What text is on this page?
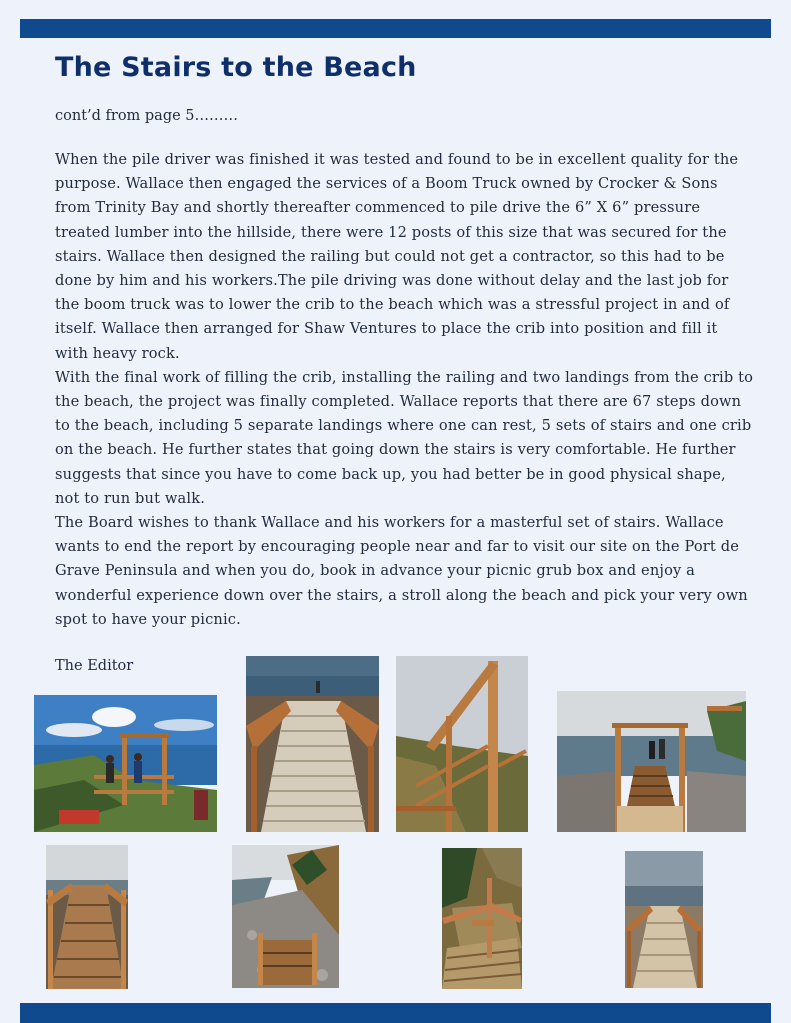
The Stairs to the Beach
cont’d from page 5………

When the pile driver was finished it was tested and found to be in excellent quality for the purpose. Wallace then engaged the services of a Boom Truck owned by Crocker & Sons from Trinity Bay and shortly thereafter commenced to pile drive the 6” X 6” pressure treated lumber into the hillside, there were 12 posts of this size that was secured for the stairs. Wallace then designed the railing but could not get a contractor, so this had to be done by him and his workers.The pile driving was done without delay and the last job for the boom truck was to lower the crib to the beach which was a stressful project in and of itself. Wallace then arranged for Shaw Ventures to place the crib into position and fill it with heavy rock.

With the final work of filling the crib, installing the railing and two landings from the crib to the beach, the project was finally completed. Wallace reports that there are 67 steps down to the beach, including 5 separate landings where one can rest, 5 sets of stairs and one crib on the beach. He further states that going down the stairs is very comfortable. He further suggests that since you have to come back up, you had better be in good physical shape, not to run but walk.

The Board wishes to thank Wallace and his workers for a masterful set of stairs. Wallace wants to end the report by encouraging people near and far to visit our site on the Port de Grave Peninsula and when you do, book in advance your picnic grub box and enjoy a wonderful experience down over the stairs, a stroll along the beach and pick your very own spot to have your picnic.

The Editor
